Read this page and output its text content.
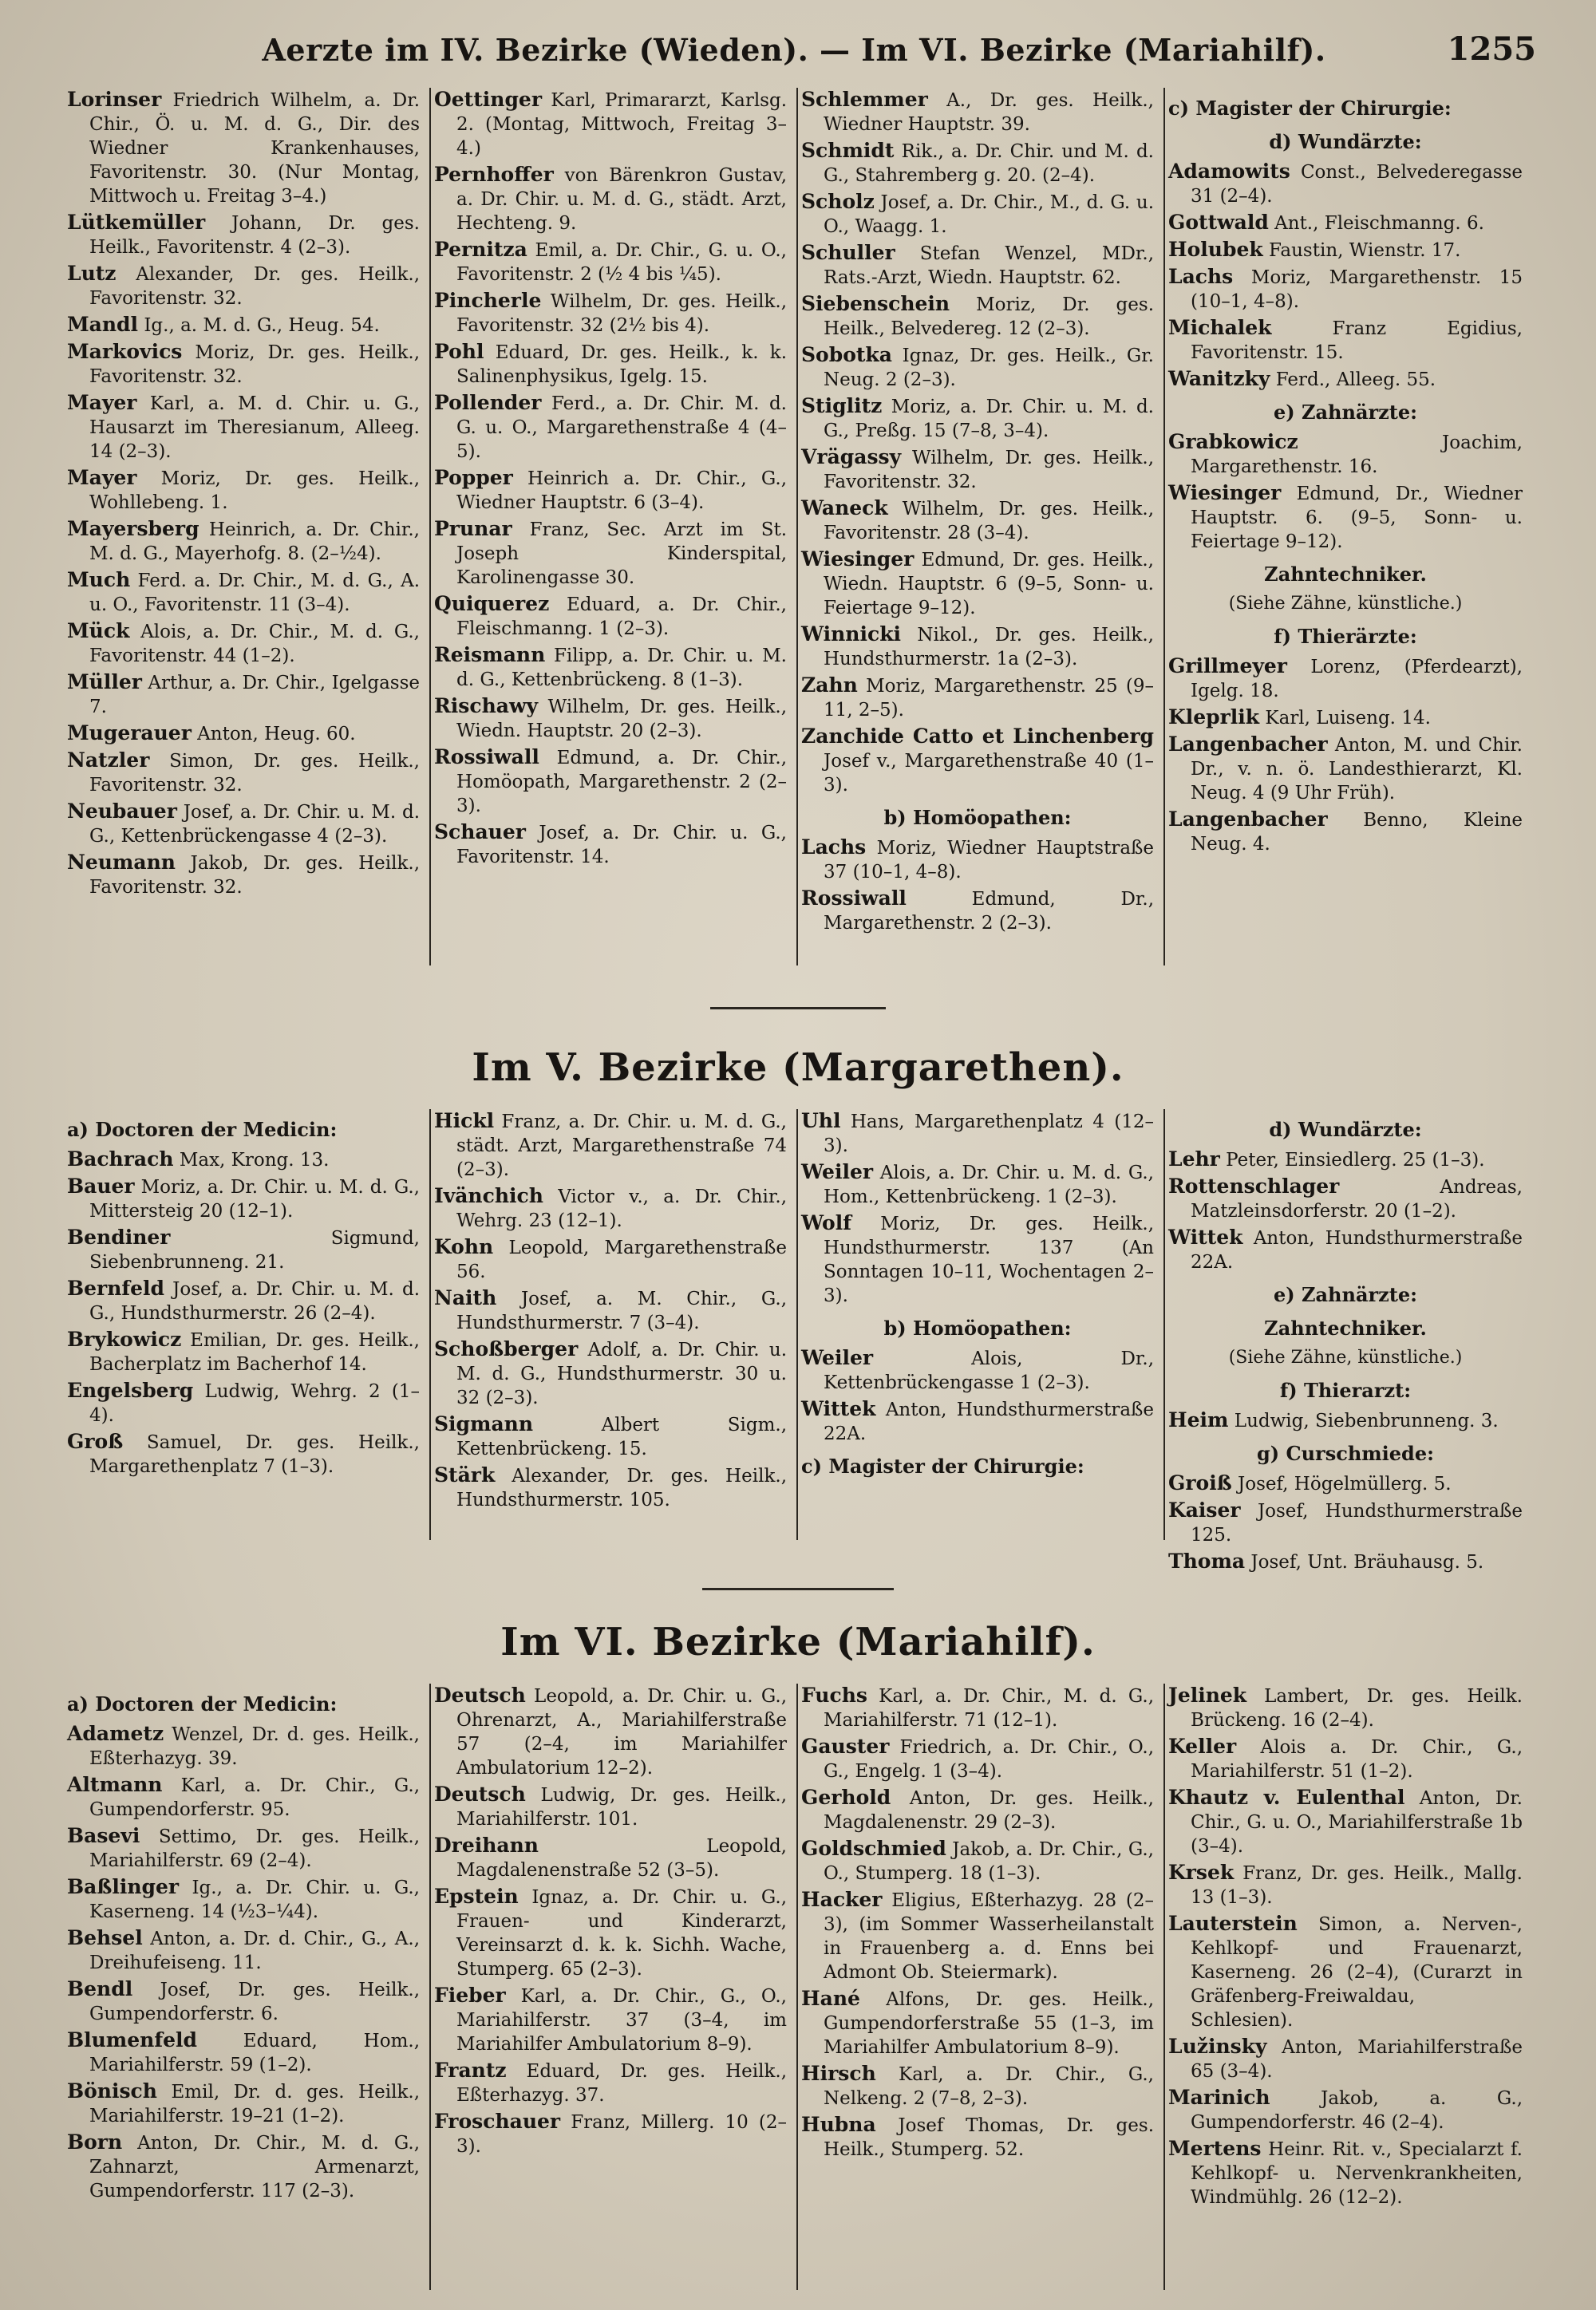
Aerzte im IV. Bezirke (Wieden). — Im VI. Bezirke (Mariahilf).	1255

Lorinser Friedrich Wilhelm, a. Dr. Chir., Ö. u. M. d. G., Dir. des Wiedner Krankenhauses, Favoritenstr. 30. (Nur Montag, Mittwoch u. Freitag 3–4.)

Lütkemüller Johann, Dr. ges. Heilk., Favoritenstr. 4 (2–3).

Lutz Alexander, Dr. ges. Heilk., Favoritenstr. 32.

Mandl Ig., a. M. d. G., Heug. 54.

Markovics Moriz, Dr. ges. Heilk., Favoritenstr. 32.

Mayer Karl, a. M. d. Chir. u. G., Hausarzt im Theresianum, Alleeg. 14 (2–3).

Mayer Moriz, Dr. ges. Heilk., Wohllebeng. 1.

Mayersberg Heinrich, a. Dr. Chir., M. d. G., Mayerhofg. 8. (2–½4).

Much Ferd. a. Dr. Chir., M. d. G., A. u. O., Favoritenstr. 11 (3–4).

Mück Alois, a. Dr. Chir., M. d. G., Favoritenstr. 44 (1–2).

Müller Arthur, a. Dr. Chir., Igelgasse 7.

Mugerauer Anton, Heug. 60.

Natzler Simon, Dr. ges. Heilk., Favoritenstr. 32.

Neubauer Josef, a. Dr. Chir. u. M. d. G., Kettenbrückengasse 4 (2–3).

Neumann Jakob, Dr. ges. Heilk., Favoritenstr. 32.

Oettinger Karl, Primararzt, Karlsg. 2. (Montag, Mittwoch, Freitag 3–4.)

Pernhoffer von Bärenkron Gustav, a. Dr. Chir. u. M. d. G., städt. Arzt, Hechteng. 9.

Pernitza Emil, a. Dr. Chir., G. u. O., Favoritenstr. 2 (½ 4 bis ¼5).

Pincherle Wilhelm, Dr. ges. Heilk., Favoritenstr. 32 (2½ bis 4).

Pohl Eduard, Dr. ges. Heilk., k. k. Salinenphysikus, Igelg. 15.

Pollender Ferd., a. Dr. Chir. M. d. G. u. O., Margarethenstraße 4 (4–5).

Popper Heinrich a. Dr. Chir., G., Wiedner Hauptstr. 6 (3–4).

Prunar Franz, Sec. Arzt im St. Joseph Kinderspital, Karolinengasse 30.

Quiquerez Eduard, a. Dr. Chir., Fleischmanng. 1 (2–3).

Reismann Filipp, a. Dr. Chir. u. M. d. G., Kettenbrückeng. 8 (1–3).

Rischawy Wilhelm, Dr. ges. Heilk., Wiedn. Hauptstr. 20 (2–3).

Rossiwall Edmund, a. Dr. Chir., Homöopath, Margarethenstr. 2 (2–3).

Schauer Josef, a. Dr. Chir. u. G., Favoritenstr. 14.

Schlemmer A., Dr. ges. Heilk., Wiedner Hauptstr. 39.

Schmidt Rik., a. Dr. Chir. und M. d. G., Stahremberg g. 20. (2–4).

Scholz Josef, a. Dr. Chir., M., d. G. u. O., Waagg. 1.

Schuller Stefan Wenzel, MDr., Rats.-Arzt, Wiedn. Hauptstr. 62.

Siebenschein Moriz, Dr. ges. Heilk., Belvedereg. 12 (2–3).

Sobotka Ignaz, Dr. ges. Heilk., Gr. Neug. 2 (2–3).

Stiglitz Moriz, a. Dr. Chir. u. M. d. G., Preßg. 15 (7–8, 3–4).

Vrägassy Wilhelm, Dr. ges. Heilk., Favoritenstr. 32.

Waneck Wilhelm, Dr. ges. Heilk., Favoritenstr. 28 (3–4).

Wiesinger Edmund, Dr. ges. Heilk., Wiedn. Hauptstr. 6 (9–5, Sonn- u. Feiertage 9–12).

Winnicki Nikol., Dr. ges. Heilk., Hundsthurmerstr. 1a (2–3).

Zahn Moriz, Margarethenstr. 25 (9–11, 2–5).

Zanchide Catto et Linchenberg Josef v., Margarethenstraße 40 (1–3).

b) Homöopathen:

Lachs Moriz, Wiedner Hauptstraße 37 (10–1, 4–8).

Rossiwall	Edmund, Dr., Margarethenstr. 2 (2–3).

c) Magister der Chirurgie:
d) Wundärzte:

Adamowits Const., Belvederegasse 31 (2–4).

Gottwald Ant., Fleischmanng. 6.

Holubek Faustin, Wienstr. 17.

Lachs Moriz, Margarethenstr. 15 (10–1, 4–8).

Michalek	Franz Egidius, Favoritenstr. 15.

Wanitzky Ferd., Alleeg. 55.

e) Zahnärzte:

Grabkowicz	Joachim, Margarethenstr. 16.

Wiesinger Edmund, Dr., Wiedner Hauptstr. 6. (9–5, Sonn- u. Feiertage 9–12).

Zahntechniker.
(Siehe Zähne, künstliche.)
f) Thierärzte:

Grillmeyer Lorenz, (Pferdearzt), Igelg. 18.

Kleprlik Karl, Luiseng. 14.

Langenbacher Anton, M. und Chir. Dr., v. n. ö. Landesthierarzt, Kl. Neug. 4 (9 Uhr Früh).

Langenbacher Benno, Kleine Neug. 4.

Im V. Bezirke (Margarethen).
a) Doctoren der Medicin:

Bachrach Max, Krong. 13.

Bauer Moriz, a. Dr. Chir. u. M. d. G., Mittersteig 20 (12–1).

Bendiner	Sigmund, Siebenbrunneng. 21.

Bernfeld Josef, a. Dr. Chir. u. M. d. G., Hundsthurmerstr. 26 (2–4).

Brykowicz Emilian, Dr. ges. Heilk., Bacherplatz im Bacherhof 14.

Engelsberg Ludwig, Wehrg. 2 (1–4).

Groß Samuel, Dr. ges. Heilk., Margarethenplatz 7 (1–3).

Hickl Franz, a. Dr. Chir. u. M. d. G., städt. Arzt, Margarethenstraße 74 (2–3).

Ivänchich Victor v., a. Dr. Chir., Wehrg. 23 (12–1).

Kohn Leopold, Margarethenstraße 56.

Naith Josef, a. M. Chir., G., Hundsthurmerstr. 7 (3–4).

Schoßberger Adolf, a. Dr. Chir. u. M. d. G., Hundsthurmerstr. 30 u. 32 (2–3).

Sigmann	Albert Sigm., Kettenbrückeng. 15.

Stärk Alexander, Dr. ges. Heilk., Hundsthurmerstr. 105.

Uhl Hans, Margarethenplatz 4 (12–3).

Weiler Alois, a. Dr. Chir. u. M. d. G., Hom., Kettenbrückeng. 1 (2–3).

Wolf Moriz, Dr. ges. Heilk., Hundsthurmerstr. 137 (An Sonntagen 10–11, Wochentagen 2–3).

b) Homöopathen:

Weiler	Alois, Dr., Kettenbrückengasse 1 (2–3).

Wittek Anton, Hundsthurmerstraße 22A.

c) Magister der Chirurgie:
d) Wundärzte:

Lehr Peter, Einsiedlerg. 25 (1–3).

Rottenschlager	Andreas, Matzleinsdorferstr. 20 (1–2).

Wittek Anton, Hundsthurmerstraße 22A.

e) Zahnärzte:
Zahntechniker.
(Siehe Zähne, künstliche.)
f) Thierarzt:

Heim Ludwig, Siebenbrunneng. 3.

g) Curschmiede:

Groiß Josef, Högelmüllerg. 5.

Kaiser Josef, Hundsthurmerstraße 125.

Thoma Josef, Unt. Bräuhausg. 5.

Im VI. Bezirke (Mariahilf).
a) Doctoren der Medicin:

Adametz Wenzel, Dr. d. ges. Heilk., Eßterhazyg. 39.

Altmann Karl, a. Dr. Chir., G., Gumpendorferstr. 95.

Basevi Settimo, Dr. ges. Heilk., Mariahilferstr. 69 (2–4).

Baßlinger Ig., a. Dr. Chir. u. G., Kaserneng. 14 (½3–¼4).

Behsel Anton, a. Dr. d. Chir., G., A., Dreihufeiseng. 11.

Bendl Josef, Dr. ges. Heilk., Gumpendorferstr. 6.

Blumenfeld	Eduard, Hom., Mariahilferstr. 59 (1–2).

Bönisch Emil, Dr. d. ges. Heilk., Mariahilferstr. 19–21 (1–2).

Born Anton, Dr. Chir., M. d. G., Zahnarzt, Armenarzt, Gumpendorferstr. 117 (2–3).

Deutsch Leopold, a. Dr. Chir. u. G., Ohrenarzt, A., Mariahilferstraße 57 (2–4, im Mariahilfer Ambulatorium 12–2).

Deutsch Ludwig, Dr. ges. Heilk., Mariahilferstr. 101.

Dreihann	Leopold, Magdalenenstraße 52 (3–5).

Epstein Ignaz, a. Dr. Chir. u. G., Frauen- und Kinderarzt, Vereinsarzt d. k. k. Sichh. Wache, Stumperg. 65 (2–3).

Fieber Karl, a. Dr. Chir., G., O., Mariahilferstr. 37 (3–4, im Mariahilfer Ambulatorium 8–9).

Frantz Eduard, Dr. ges. Heilk., Eßterhazyg. 37.

Froschauer Franz, Millerg. 10 (2–3).

Fuchs Karl, a. Dr. Chir., M. d. G., Mariahilferstr. 71 (12–1).

Gauster Friedrich, a. Dr. Chir., O., G., Engelg. 1 (3–4).

Gerhold Anton, Dr. ges. Heilk., Magdalenenstr. 29 (2–3).

Goldschmied Jakob, a. Dr. Chir., G., O., Stumperg. 18 (1–3).

Hacker Eligius, Eßterhazyg. 28 (2–3), (im Sommer Wasserheilanstalt in Frauenberg a. d. Enns bei Admont Ob. Steiermark).

Hané Alfons, Dr. ges. Heilk., Gumpendorferstraße 55 (1–3, im Mariahilfer Ambulatorium 8–9).

Hirsch Karl, a. Dr. Chir., G., Nelkeng. 2 (7–8, 2–3).

Hubna Josef Thomas, Dr. ges. Heilk., Stumperg. 52.

Jelinek Lambert, Dr. ges. Heilk. Brückeng. 16 (2–4).

Keller Alois a. Dr. Chir., G., Mariahilferstr. 51 (1–2).

Khautz v. Eulenthal Anton, Dr. Chir., G. u. O., Mariahilferstraße 1b (3–4).

Krsek Franz, Dr. ges. Heilk., Mallg. 13 (1–3).

Lauterstein Simon, a. Nerven-, Kehlkopf- und Frauenarzt, Kaserneng. 26 (2–4), (Curarzt in Gräfenberg-Freiwaldau, Schlesien).

Lužinsky Anton, Mariahilferstraße 65 (3–4).

Marinich	Jakob, a. G., Gumpendorferstr. 46 (2–4).

Mertens Heinr. Rit. v., Specialarzt f. Kehlkopf- u. Nervenkrankheiten, Windmühlg. 26 (12–2).
